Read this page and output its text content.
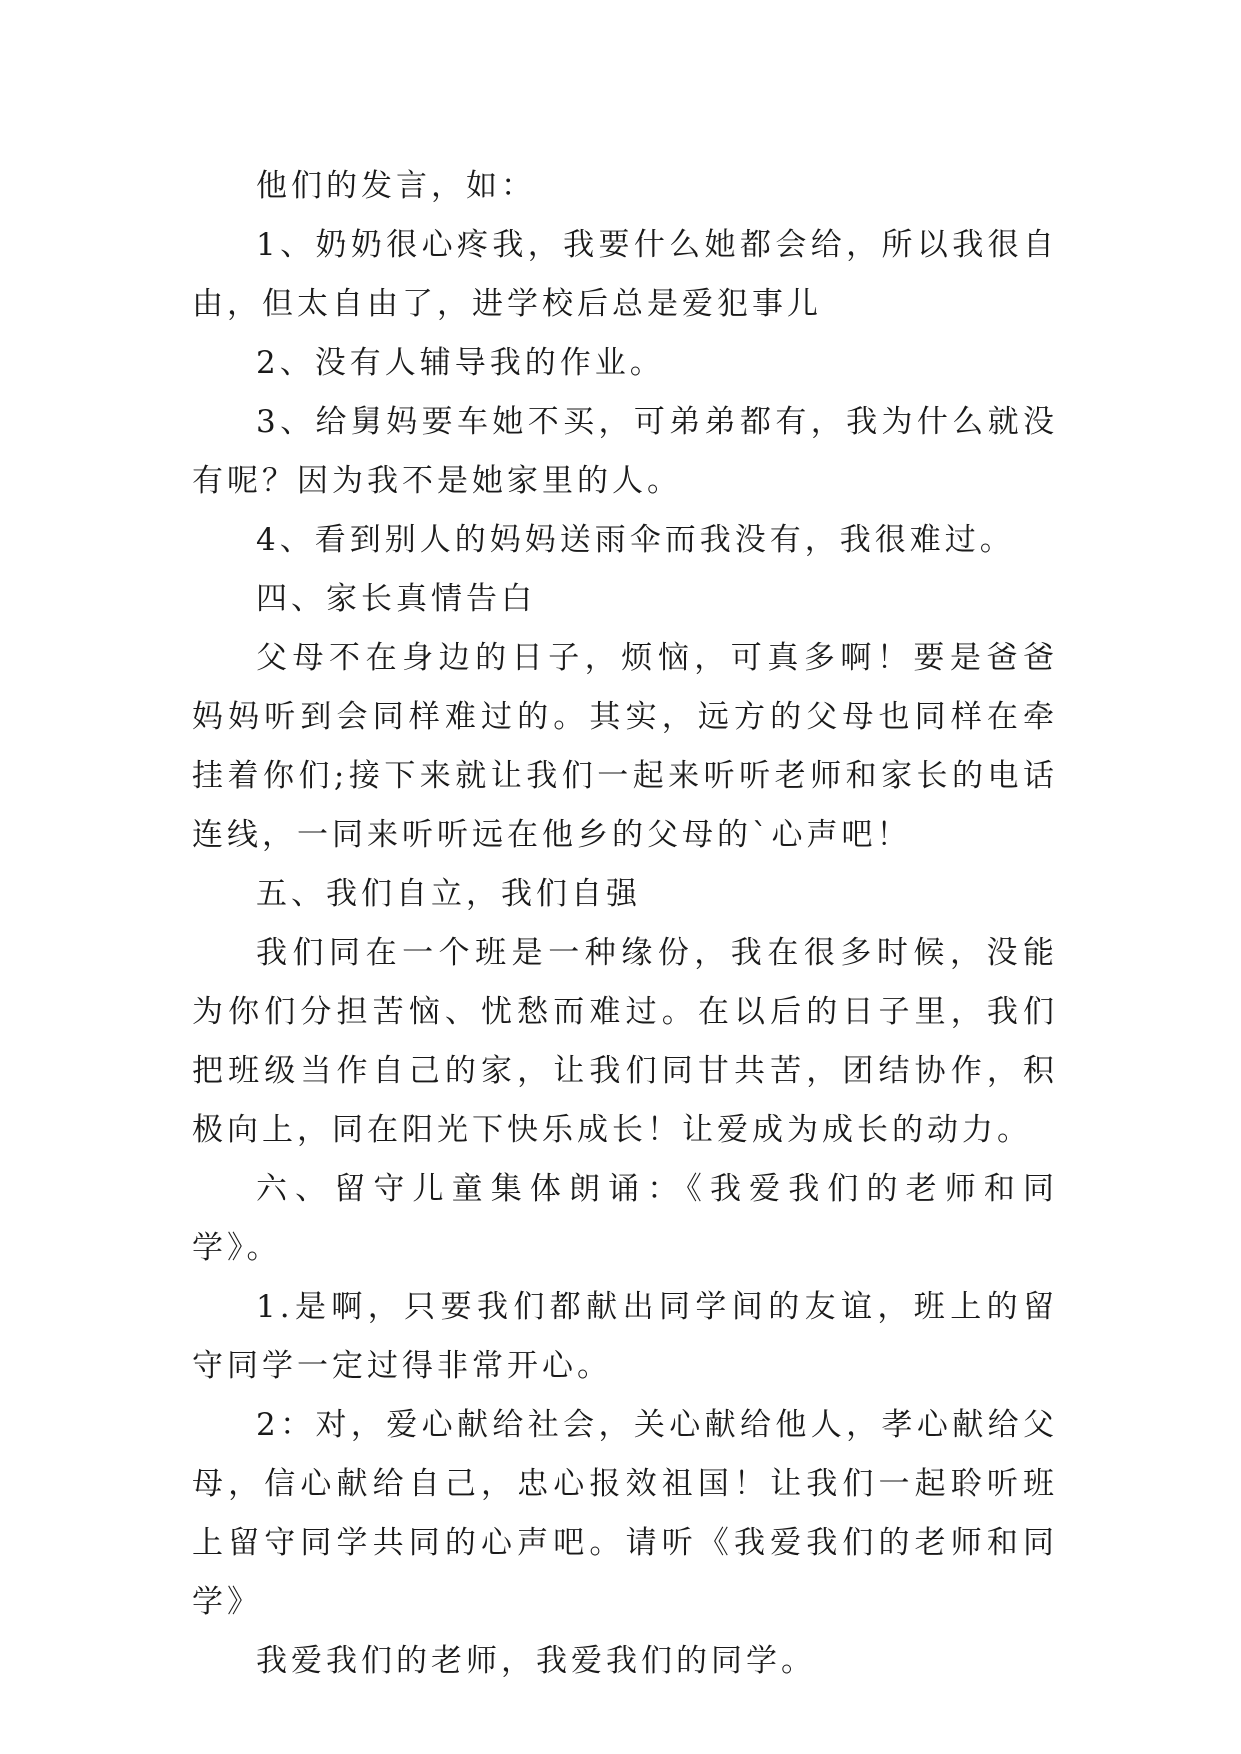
他们的发言，如：

1、奶奶很心疼我，我要什么她都会给，所以我很自由，但太自由了，进学校后总是爱犯事儿

2、没有人辅导我的作业。

3、给舅妈要车她不买，可弟弟都有，我为什么就没有呢？因为我不是她家里的人。

4、看到别人的妈妈送雨伞而我没有，我很难过。

四、家长真情告白

父母不在身边的日子，烦恼，可真多啊！要是爸爸妈妈听到会同样难过的。其实，远方的父母也同样在牵挂着你们;接下来就让我们一起来听听老师和家长的电话连线，一同来听听远在他乡的父母的`心声吧！

五、我们自立，我们自强

我们同在一个班是一种缘份，我在很多时候，没能为你们分担苦恼、忧愁而难过。在以后的日子里，我们把班级当作自己的家，让我们同甘共苦，团结协作，积极向上，同在阳光下快乐成长！让爱成为成长的动力。

六、留守儿童集体朗诵：《我爱我们的老师和同学》。

1.是啊，只要我们都献出同学间的友谊，班上的留守同学一定过得非常开心。

2：对，爱心献给社会，关心献给他人，孝心献给父母，信心献给自己，忠心报效祖国！让我们一起聆听班上留守同学共同的心声吧。请听《我爱我们的老师和同学》

我爱我们的老师，我爱我们的同学。
